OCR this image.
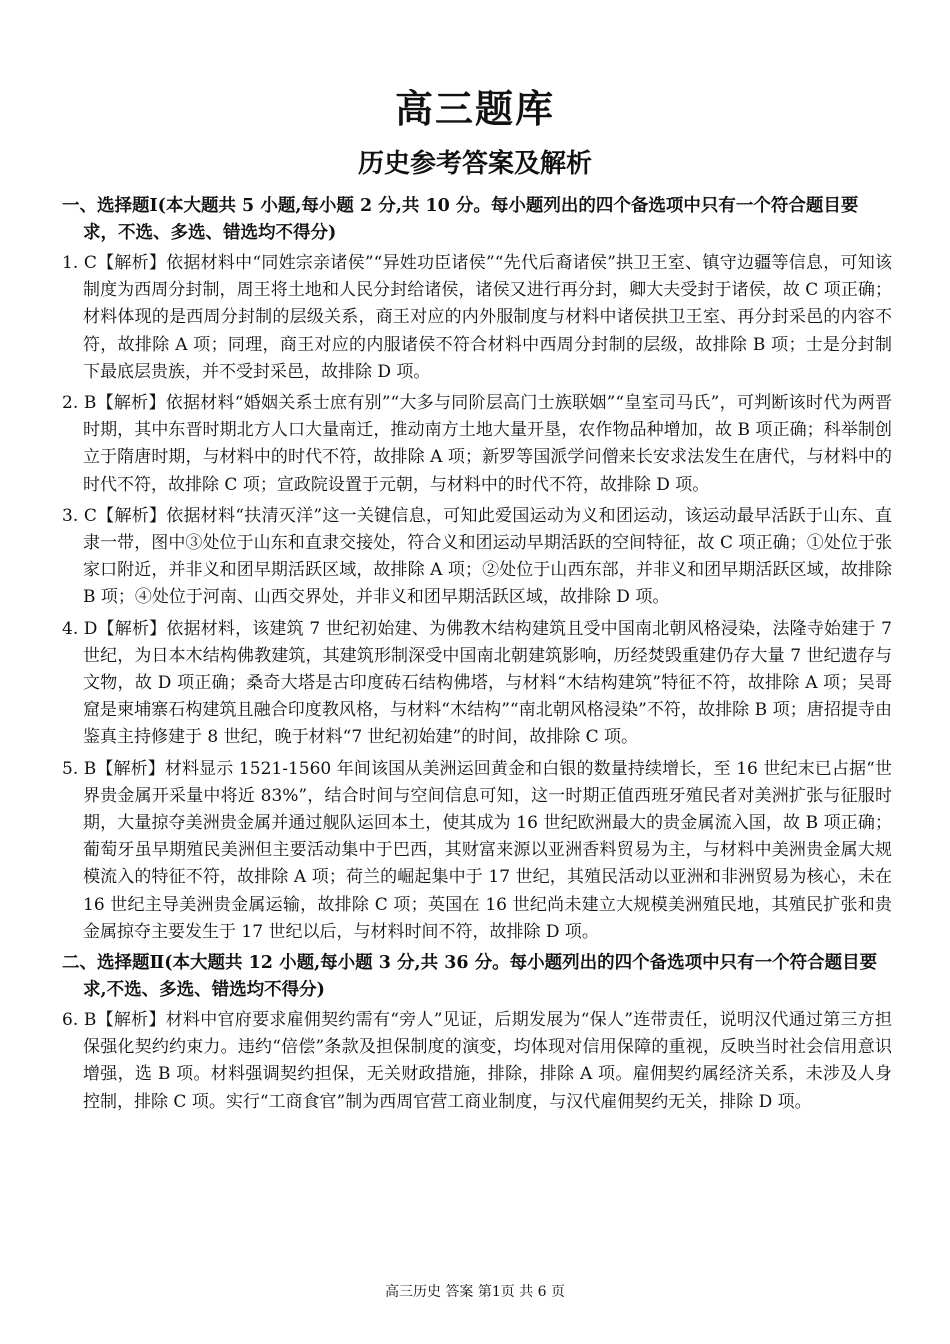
高三题库
历史参考答案及解析
一、选择题Ⅰ(本大题共 5 小题,每小题 2 分,共 10 分。每小题列出的四个备选项中只有一个符合题目要求，不选、多选、错选均不得分)
1. C【解析】依据材料中“同姓宗亲诸侯”“异姓功臣诸侯”“先代后裔诸侯”拱卫王室、镇守边疆等信息，可知该制度为西周分封制，周王将土地和人民分封给诸侯，诸侯又进行再分封，卿大夫受封于诸侯，故 C 项正确；材料体现的是西周分封制的层级关系，商王对应的内外服制度与材料中诸侯拱卫王室、再分封采邑的内容不符，故排除 A 项；同理，商王对应的内服诸侯不符合材料中西周分封制的层级，故排除 B 项；士是分封制下最底层贵族，并不受封采邑，故排除 D 项。
2. B【解析】依据材料“婚姻关系士庶有别”“大多与同阶层高门士族联姻”“皇室司马氏”，可判断该时代为两晋时期，其中东晋时期北方人口大量南迁，推动南方土地大量开垦，农作物品种增加，故 B 项正确；科举制创立于隋唐时期，与材料中的时代不符，故排除 A 项；新罗等国派学问僧来长安求法发生在唐代，与材料中的时代不符，故排除 C 项；宣政院设置于元朝，与材料中的时代不符，故排除 D 项。
3. C【解析】依据材料“扶清灭洋”这一关键信息，可知此爱国运动为义和团运动，该运动最早活跃于山东、直隶一带，图中③处位于山东和直隶交接处，符合义和团运动早期活跃的空间特征，故 C 项正确；①处位于张家口附近，并非义和团早期活跃区域，故排除 A 项；②处位于山西东部，并非义和团早期活跃区域，故排除 B 项；④处位于河南、山西交界处，并非义和团早期活跃区域，故排除 D 项。
4. D【解析】依据材料，该建筑 7 世纪初始建、为佛教木结构建筑且受中国南北朝风格浸染，法隆寺始建于 7 世纪，为日本木结构佛教建筑，其建筑形制深受中国南北朝建筑影响，历经焚毁重建仍存大量 7 世纪遗存与文物，故 D 项正确；桑奇大塔是古印度砖石结构佛塔，与材料“木结构建筑”特征不符，故排除 A 项；吴哥窟是柬埔寨石构建筑且融合印度教风格，与材料“木结构”“南北朝风格浸染”不符，故排除 B 项；唐招提寺由鉴真主持修建于 8 世纪，晚于材料“7 世纪初始建”的时间，故排除 C 项。
5. B【解析】材料显示 1521-1560 年间该国从美洲运回黄金和白银的数量持续增长，至 16 世纪末已占据“世界贵金属开采量中将近 83%”，结合时间与空间信息可知，这一时期正值西班牙殖民者对美洲扩张与征服时期，大量掠夺美洲贵金属并通过舰队运回本土，使其成为 16 世纪欧洲最大的贵金属流入国，故 B 项正确；葡萄牙虽早期殖民美洲但主要活动集中于巴西，其财富来源以亚洲香料贸易为主，与材料中美洲贵金属大规模流入的特征不符，故排除 A 项；荷兰的崛起集中于 17 世纪，其殖民活动以亚洲和非洲贸易为核心，未在 16 世纪主导美洲贵金属运输，故排除 C 项；英国在 16 世纪尚未建立大规模美洲殖民地，其殖民扩张和贵金属掠夺主要发生于 17 世纪以后，与材料时间不符，故排除 D 项。
二、选择题Ⅱ(本大题共 12 小题,每小题 3 分,共 36 分。每小题列出的四个备选项中只有一个符合题目要求,不选、多选、错选均不得分)
6. B【解析】材料中官府要求雇佣契约需有“旁人”见证，后期发展为“保人”连带责任，说明汉代通过第三方担保强化契约约束力。违约“倍偿”条款及担保制度的演变，均体现对信用保障的重视，反映当时社会信用意识增强，选 B 项。材料强调契约担保，无关财政措施，排除，排除 A 项。雇佣契约属经济关系，未涉及人身控制，排除 C 项。实行“工商食官”制为西周官营工商业制度，与汉代雇佣契约无关，排除 D 项。
高三历史 答案 第1页 共 6 页
